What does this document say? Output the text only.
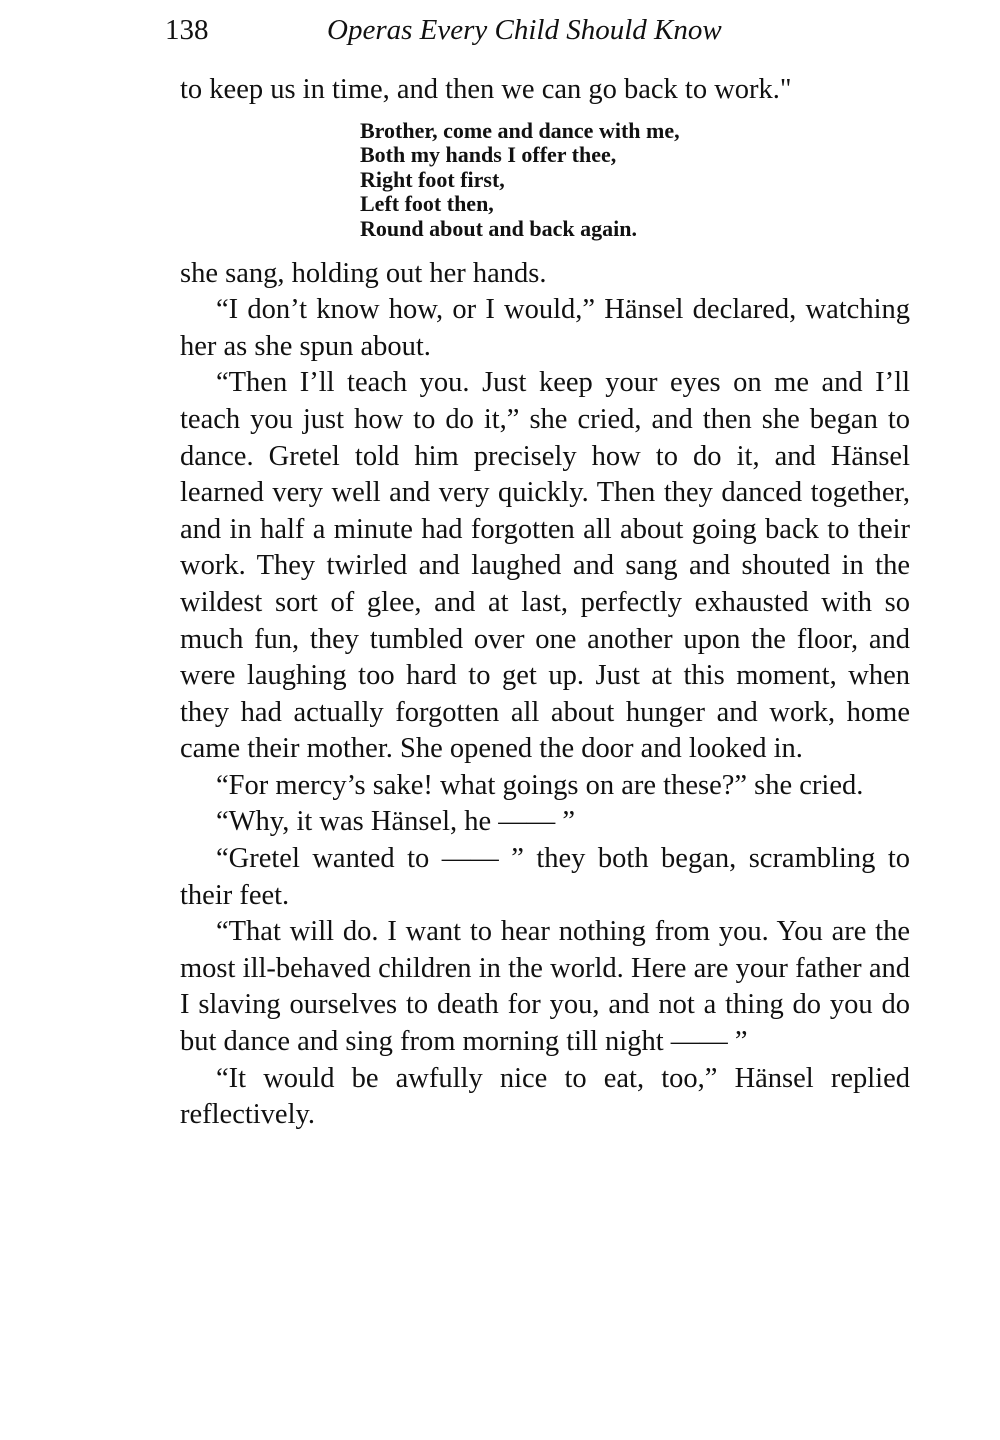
138	Operas Every Child Should Know

to keep us in time, and then we can go back to work."

Brother, come and dance with me,
Both my hands I offer thee,
Right foot first,
Left foot then,
Round about and back again.

she sang, holding out her hands.

“I don’t know how, or I would,” Hänsel declared, watching her as she spun about.

“Then I’ll teach you. Just keep your eyes on me and I’ll teach you just how to do it,” she cried, and then she began to dance. Gretel told him precisely how to do it, and Hänsel learned very well and very quickly. Then they danced together, and in half a minute had forgotten all about going back to their work. They twirled and laughed and sang and shouted in the wildest sort of glee, and at last, perfectly exhausted with so much fun, they tumbled over one another upon the floor, and were laughing too hard to get up. Just at this moment, when they had actually forgotten all about hunger and work, home came their mother. She opened the door and looked in.

“For mercy’s sake! what goings on are these?” she cried.

“Why, it was Hänsel, he —— ”

“Gretel wanted to —— ” they both began, scrambling to their feet.

“That will do. I want to hear nothing from you. You are the most ill-behaved children in the world. Here are your father and I slaving ourselves to death for you, and not a thing do you do but dance and sing from morning till night —— ”

“It would be awfully nice to eat, too,” Hänsel replied reflectively.
